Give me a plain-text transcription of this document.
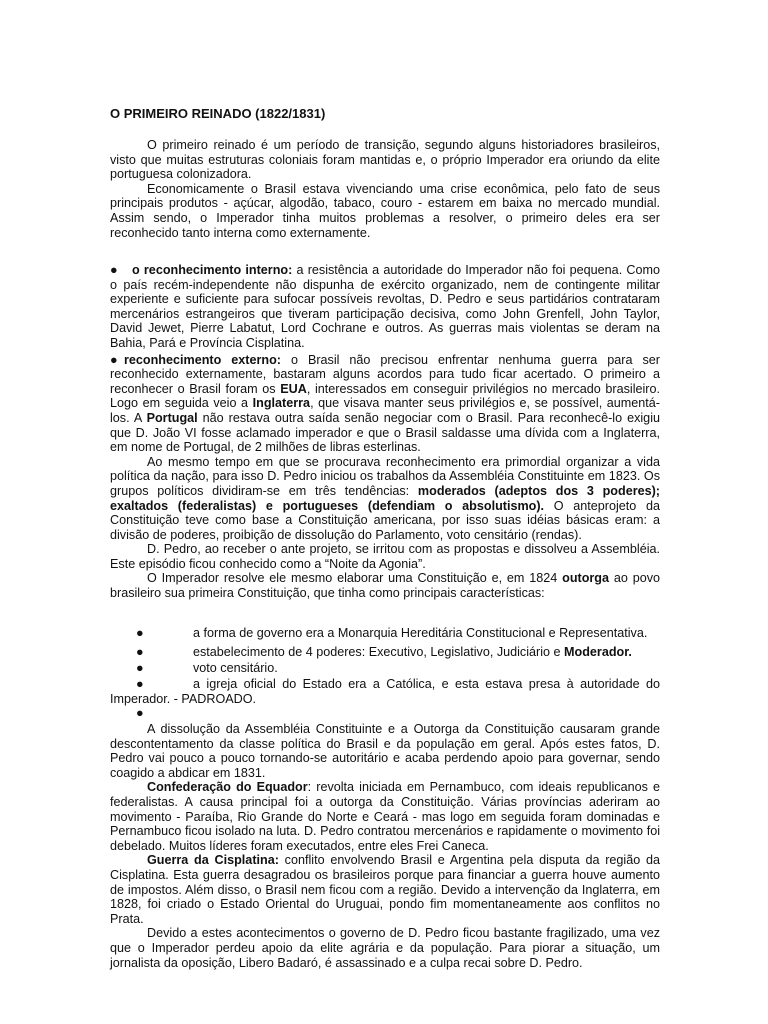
O PRIMEIRO REINADO (1822/1831)

O primeiro reinado é um período de transição, segundo alguns historiadores brasileiros, visto que muitas estruturas coloniais foram mantidas e, o próprio Imperador era oriundo da elite portuguesa colonizadora.

Economicamente o Brasil estava vivenciando uma crise econômica, pelo fato de seus principais produtos - açúcar, algodão, tabaco, couro - estarem em baixa no mercado mundial. Assim sendo, o Imperador tinha muitos problemas a resolver, o primeiro deles era ser reconhecido tanto interna como externamente.

● o reconhecimento interno: a resistência a autoridade do Imperador não foi pequena. Como o país recém-independente não dispunha de exército organizado, nem de contingente militar experiente e suficiente para sufocar possíveis revoltas, D. Pedro e seus partidários contrataram mercenários estrangeiros que tiveram participação decisiva, como John Grenfell, John Taylor, David Jewet, Pierre Labatut, Lord Cochrane e outros. As guerras mais violentas se deram na Bahia, Pará e Província Cisplatina.

● reconhecimento externo: o Brasil não precisou enfrentar nenhuma guerra para ser reconhecido externamente, bastaram alguns acordos para tudo ficar acertado. O primeiro a reconhecer o Brasil foram os EUA, interessados em conseguir privilégios no mercado brasileiro. Logo em seguida veio a Inglaterra, que visava manter seus privilégios e, se possível, aumentá-los. A Portugal não restava outra saída senão negociar com o Brasil. Para reconhecê-lo exigiu que D. João VI fosse aclamado imperador e que o Brasil saldasse uma dívida com a Inglaterra, em nome de Portugal, de 2 milhões de libras esterlinas.

Ao mesmo tempo em que se procurava reconhecimento era primordial organizar a vida política da nação, para isso D. Pedro iniciou os trabalhos da Assembléia Constituinte em 1823. Os grupos políticos dividiram-se em três tendências: moderados (adeptos dos 3 poderes); exaltados (federalistas) e portugueses (defendiam o absolutismo). O anteprojeto da Constituição teve como base a Constituição americana, por isso suas idéias básicas eram: a divisão de poderes, proibição de dissolução do Parlamento, voto censitário (rendas).

D. Pedro, ao receber o ante projeto, se irritou com as propostas e dissolveu a Assembléia. Este episódio ficou conhecido como a “Noite da Agonia”.

O Imperador resolve ele mesmo elaborar uma Constituição e, em 1824 outorga ao povo brasileiro sua primeira Constituição, que tinha como principais características:

●	a forma de governo era a Monarquia Hereditária Constitucional e Representativa.

●	estabelecimento de 4 poderes: Executivo, Legislativo, Judiciário e Moderador.

●	voto censitário.

●	a igreja oficial do Estado era a Católica, e esta estava presa à autoridade do Imperador. - PADROADO.

●

A dissolução da Assembléia Constituinte e a Outorga da Constituição causaram grande descontentamento da classe política do Brasil e da população em geral. Após estes fatos, D. Pedro vai pouco a pouco tornando-se autoritário e acaba perdendo apoio para governar, sendo coagido a abdicar em 1831.

Confederação do Equador: revolta iniciada em Pernambuco, com ideais republicanos e federalistas. A causa principal foi a outorga da Constituição. Várias províncias aderiram ao movimento - Paraíba, Rio Grande do Norte e Ceará - mas logo em seguida foram dominadas e Pernambuco ficou isolado na luta. D. Pedro contratou mercenários e rapidamente o movimento foi debelado. Muitos líderes foram executados, entre eles Frei Caneca.

Guerra da Cisplatina: conflito envolvendo Brasil e Argentina pela disputa da região da Cisplatina. Esta guerra desagradou os brasileiros porque para financiar a guerra houve aumento de impostos. Além disso, o Brasil nem ficou com a região. Devido a intervenção da Inglaterra, em 1828, foi criado o Estado Oriental do Uruguai, pondo fim momentaneamente aos conflitos no Prata.

Devido a estes acontecimentos o governo de D. Pedro ficou bastante fragilizado, uma vez que o Imperador perdeu apoio da elite agrária e da população. Para piorar a situação, um jornalista da oposição, Libero Badaró, é assassinado e a culpa recai sobre D. Pedro.
